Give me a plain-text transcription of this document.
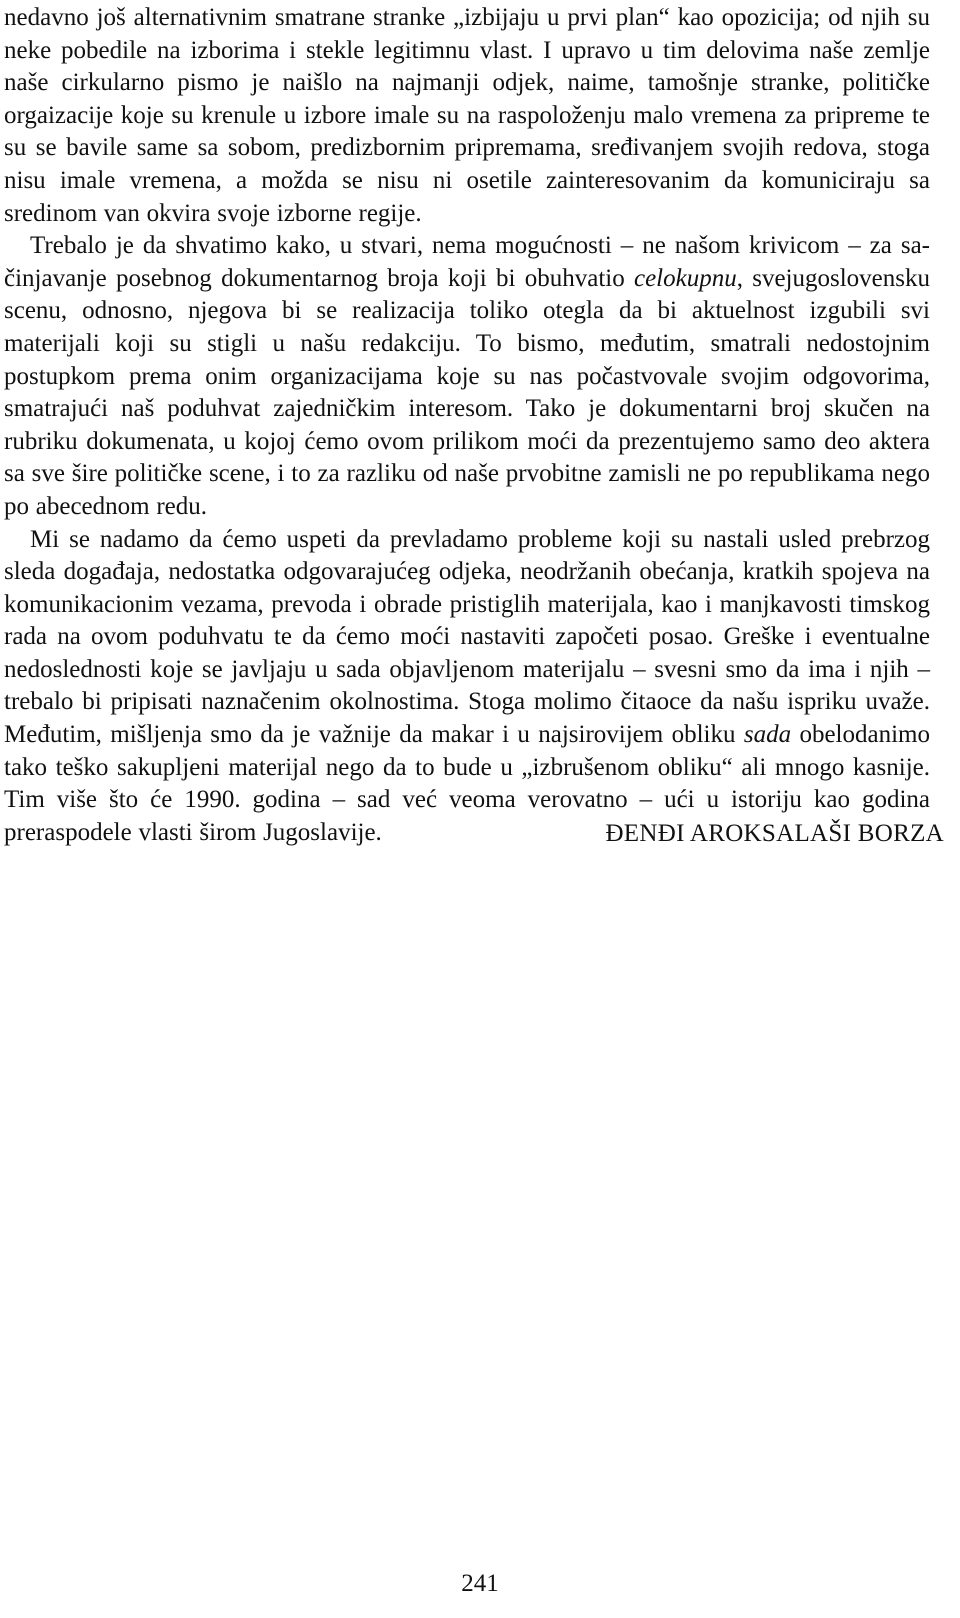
nedavno još alternativnim smatrane stranke „izbijaju u prvi plan“ kao opozicija; od njih su neke pobedile na izborima i stekle legitimnu vlast. I upravo u tim delovima naše zemlje naše cirkularno pismo je naišlo na najmanji odjek, naime, tamošnje stranke, političke orgaizacije koje su krenule u izbore imale su na raspoloženju malo vremena za pripreme te su se bavile same sa sobom, predizbornim pripremama, sređivanjem svojih redova, stoga nisu imale vremena, a možda se nisu ni osetile zainteresovanim da komuniciraju sa sredinom van okvira svoje izborne regije.

Trebalo je da shvatimo kako, u stvari, nema mogućnosti – ne našom krivicom – za sačinjavanje posebnog dokumentarnog broja koji bi obuhvatio celokupnu, svejugoslovensku scenu, odnosno, njegova bi se realizacija toliko otegla da bi aktuelnost izgubili svi materijali koji su stigli u našu redakciju. To bismo, međutim, smatrali nedostojnim postupkom prema onim organizacijama koje su nas počastvovale svojim odgovorima, smatrajući naš poduhvat zajedničkim interesom. Tako je dokumentarni broj skučen na rubriku dokumenata, u kojoj ćemo ovom prilikom moći da prezentujemo samo deo aktera sa sve šire političke scene, i to za razliku od naše prvobitne zamisli ne po republikama nego po abecednom redu.

Mi se nadamo da ćemo uspeti da prevladamo probleme koji su nastali usled prebrzog sleda događaja, nedostatka odgovarajućeg odjeka, neodržanih obećanja, kratkih spojeva na komunikacionim vezama, prevoda i obrade pristiglih materijala, kao i manjkavosti timskog rada na ovom poduhvatu te da ćemo moći nastaviti započeti posao. Greške i eventualne nedoslednosti koje se javljaju u sada objavljenom materijalu – svesni smo da ima i njih – trebalo bi pripisati naznačenim okolnostima. Stoga molimo čitaoce da našu ispriku uvaže. Međutim, mišljenja smo da je važnije da makar i u najsirovijem obliku sada obelodanimo tako teško sakupljeni materijal nego da to bude u „izbrušenom obliku“ ali mnogo kasnije. Tim više što će 1990. godina – sad već veoma verovatno – ući u istoriju kao godina preraspodele vlasti širom Jugoslavije.	ĐENĐI AROKSALAŠI BORZA
241
